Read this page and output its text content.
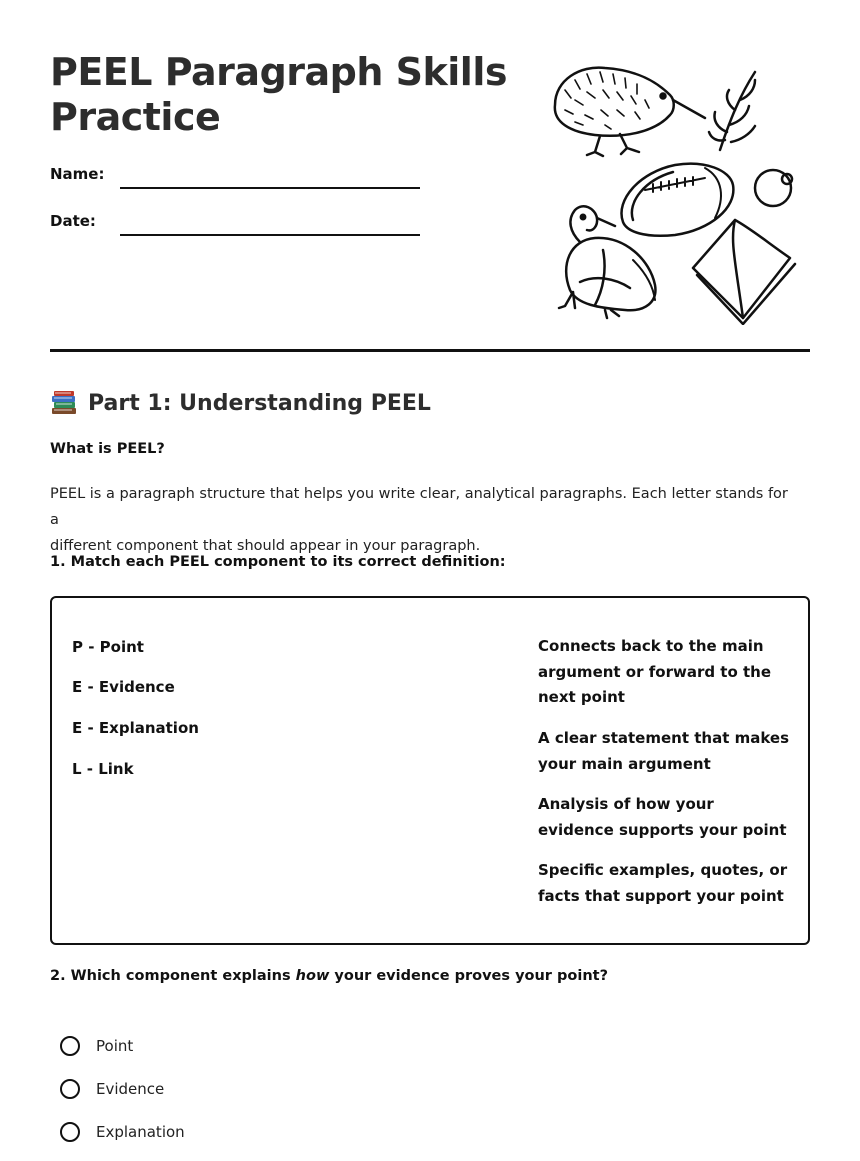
PEEL Paragraph Skills
Practice
Name:
Date:
Part 1: Understanding PEEL
What is PEEL?
PEEL is a paragraph structure that helps you write clear, analytical paragraphs. Each letter stands for a
different component that should appear in your paragraph.
1. Match each PEEL component to its correct definition:
P - Point
E - Evidence
E - Explanation
L - Link
Connects back to the main argument or forward to the next point
A clear statement that makes your main argument
Analysis of how your evidence supports your point
Specific examples, quotes, or facts that support your point
2. Which component explains how your evidence proves your point?
Point
Evidence
Explanation
